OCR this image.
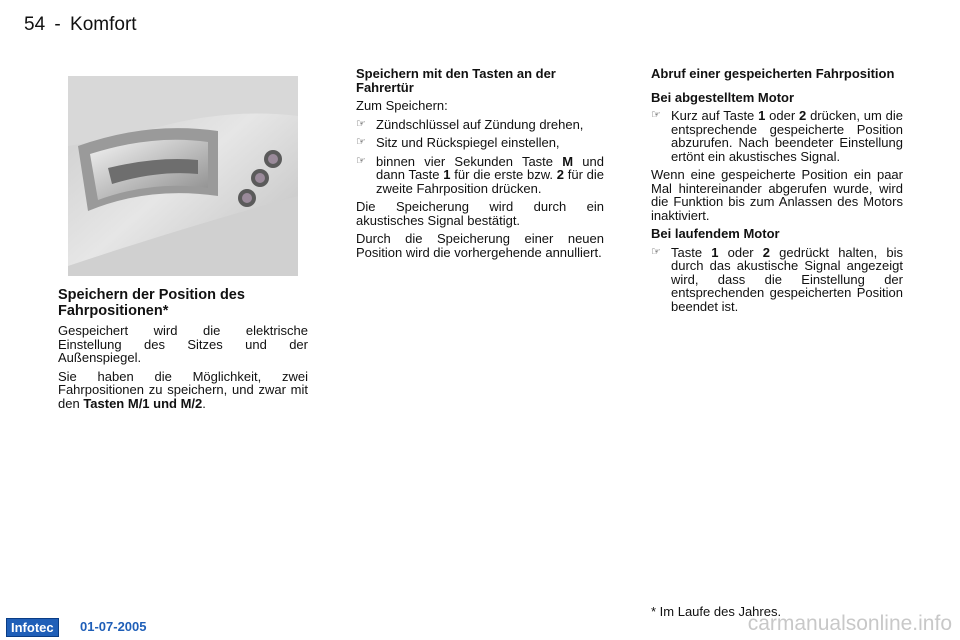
54 - Komfort

Speichern der Position des
Fahrpositionen*

Gespeichert wird die elektrische Einstellung des Sitzes und der Außenspiegel.

Sie haben die Möglichkeit, zwei Fahrpositionen zu speichern, und zwar mit den Tasten M/1 und M/2.

Speichern mit den Tasten an der Fahrertür

Zum Speichern:

☞ Zündschlüssel auf Zündung drehen,

☞ Sitz und Rückspiegel einstellen,

☞ binnen vier Sekunden Taste M und dann Taste 1 für die erste bzw. 2 für die zweite Fahrposition drücken.

Die Speicherung wird durch ein akustisches Signal bestätigt.

Durch die Speicherung einer neuen Position wird die vorhergehende annulliert.

Abruf einer gespeicherten Fahrposition

Bei abgestelltem Motor

☞ Kurz auf Taste 1 oder 2 drücken, um die entsprechende gespeicherte Position abzurufen. Nach beendeter Einstellung ertönt ein akustisches Signal.

Wenn eine gespeicherte Position ein paar Mal hintereinander abgerufen wurde, wird die Funktion bis zum Anlassen des Motors inaktiviert.

Bei laufendem Motor

☞ Taste 1 oder 2 gedrückt halten, bis durch das akustische Signal angezeigt wird, dass die Einstellung der entsprechenden gespeicherten Position beendet ist.

* Im Laufe des Jahres.
Infotec	01-07-2005	carmanualsonline.info
